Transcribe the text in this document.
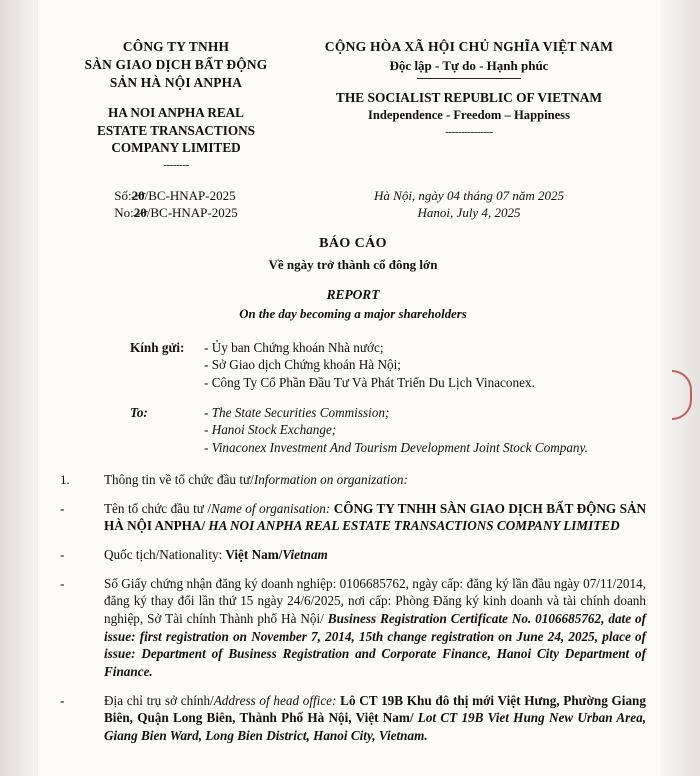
CÔNG TY TNHH
SÀN GIAO DỊCH BẤT ĐỘNG
SẢN HÀ NỘI ANPHA
HA NOI ANPHA REAL
ESTATE TRANSACTIONS
COMPANY LIMITED
--------
CỘNG HÒA XÃ HỘI CHỦ NGHĨA VIỆT NAM
Độc lập - Tự do - Hạnh phúc
THE SOCIALIST REPUBLIC OF VIETNAM
Independence - Freedom – Happiness
---------------
Số:20/BC-HNAP-2025
No:20/BC-HNAP-2025
Hà Nội, ngày 04 tháng 07 năm 2025
Hanoi, July 4, 2025
BÁO CÁO
Về ngày trở thành cổ đông lớn
REPORT
On the day becoming a major shareholders
Kính gửi:	- Ủy ban Chứng khoán Nhà nước;
- Sở Giao dịch Chứng khoán Hà Nội;
- Công Ty Cổ Phần Đầu Tư Và Phát Triển Du Lịch Vinaconex.
To:	- The State Securities Commission;
- Hanoi Stock Exchange;
- Vinaconex Investment And Tourism Development Joint Stock Company.
1.	Thông tin về tổ chức đầu tư/Information on organization:
-	Tên tổ chức đầu tư /Name of organisation: CÔNG TY TNHH SÀN GIAO DỊCH BẤT ĐỘNG SẢN HÀ NỘI ANPHA/ HA NOI ANPHA REAL ESTATE TRANSACTIONS COMPANY LIMITED
-	Quốc tịch/Nationality: Việt Nam/Vietnam
-	Số Giấy chứng nhận đăng ký doanh nghiệp: 0106685762, ngày cấp: đăng ký lần đầu ngày 07/11/2014, đăng ký thay đổi lần thứ 15 ngày 24/6/2025, nơi cấp: Phòng Đăng ký kinh doanh và tài chính doanh nghiệp, Sở Tài chính Thành phố Hà Nội/ Business Registration Certificate No. 0106685762, date of issue: first registration on November 7, 2014, 15th change registration on June 24, 2025, place of issue: Department of Business Registration and Corporate Finance, Hanoi City Department of Finance.
-	Địa chỉ trụ sở chính/Address of head office: Lô CT 19B Khu đô thị mới Việt Hưng, Phường Giang Biên, Quận Long Biên, Thành Phố Hà Nội, Việt Nam/ Lot CT 19B Viet Hung New Urban Area, Giang Bien Ward, Long Bien District, Hanoi City, Vietnam.
